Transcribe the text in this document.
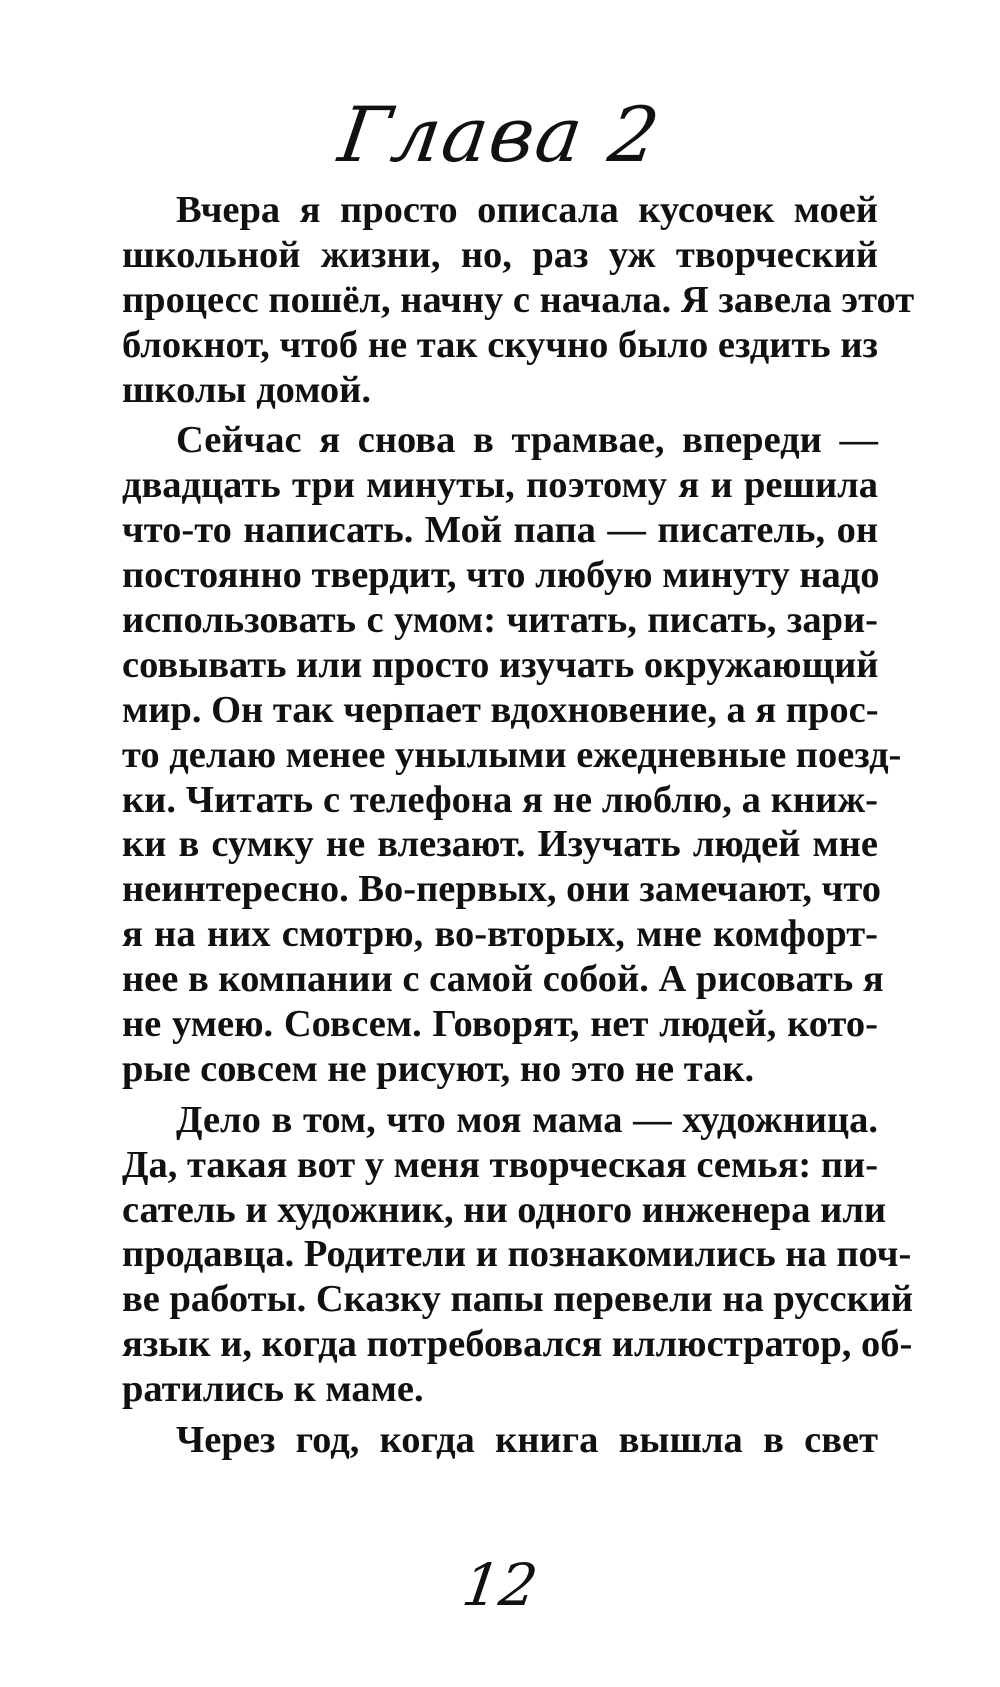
Глава 2
Вчера я просто описала кусочек моей
школьной жизни, но, раз уж творческий
процесс пошёл, начну с начала. Я завела этот
блокнот, чтоб не так скучно было ездить из
школы домой.
Сейчас я снова в трамвае, впереди —
двадцать три минуты, поэтому я и решила
что-то написать. Мой папа — писатель, он
постоянно твердит, что любую минуту надо
использовать с умом: читать, писать, зари-
совывать или просто изучать окружающий
мир. Он так черпает вдохновение, а я прос-
то делаю менее унылыми ежедневные поезд-
ки. Читать с телефона я не люблю, а книж-
ки в сумку не влезают. Изучать людей мне
неинтересно. Во-первых, они замечают, что
я на них смотрю, во-вторых, мне комфорт-
нее в компании с самой собой. А рисовать я
не умею. Совсем. Говорят, нет людей, кото-
рые совсем не рисуют, но это не так.
Дело в том, что моя мама — художница.
Да, такая вот у меня творческая семья: пи-
сатель и художник, ни одного инженера или
продавца. Родители и познакомились на поч-
ве работы. Сказку папы перевели на русский
язык и, когда потребовался иллюстратор, об-
ратились к маме.
Через год, когда книга вышла в свет
12
